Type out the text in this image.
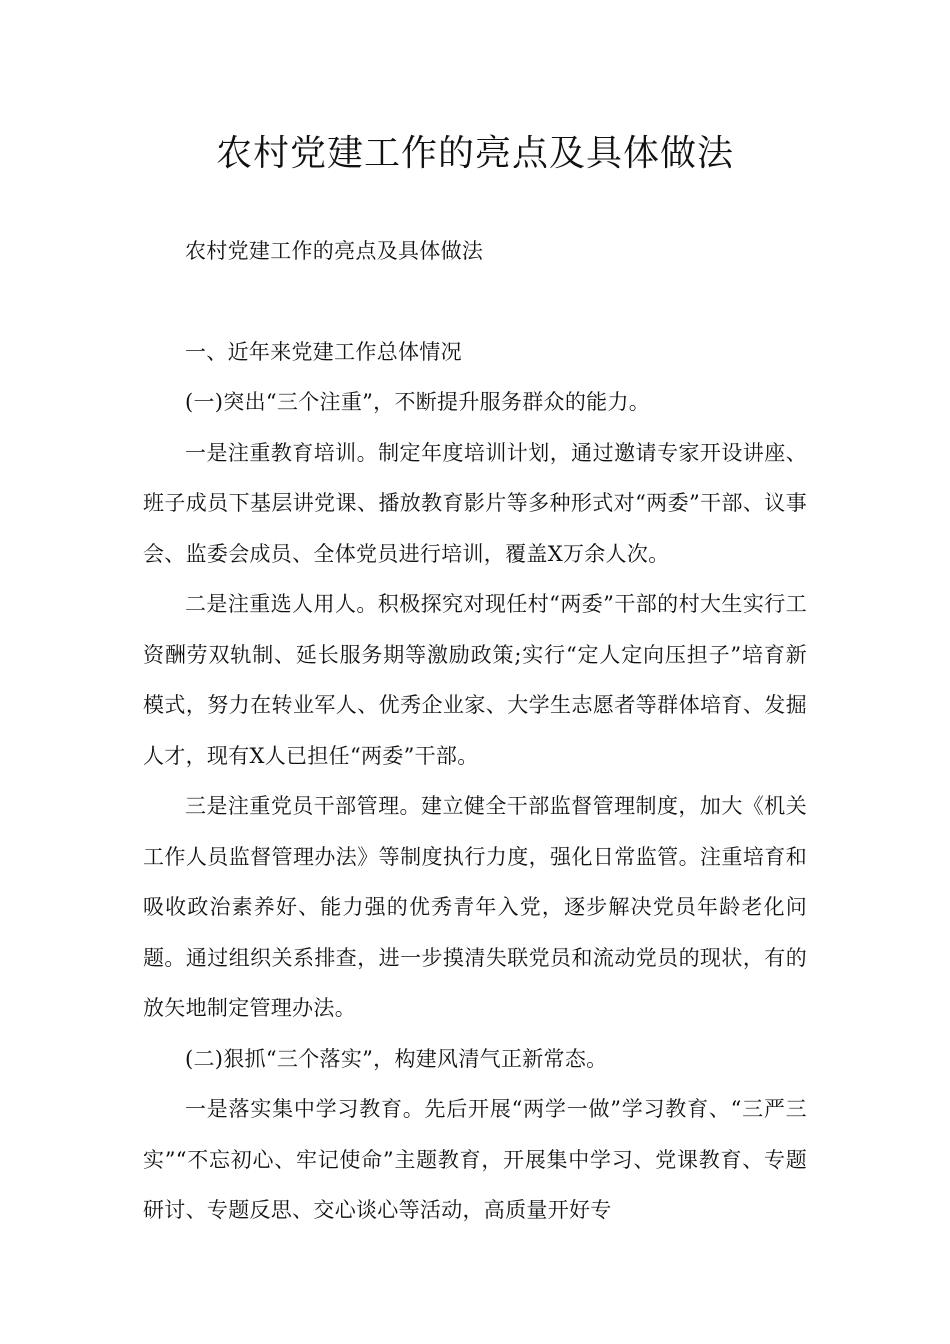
农村党建工作的亮点及具体做法

农村党建工作的亮点及具体做法

一、近年来党建工作总体情况

(一)突出“三个注重”，不断提升服务群众的能力。

一是注重教育培训。制定年度培训计划，通过邀请专家开设讲座、班子成员下基层讲党课、播放教育影片等多种形式对“两委”干部、议事会、监委会成员、全体党员进行培训，覆盖X万余人次。

二是注重选人用人。积极探究对现任村“两委”干部的村大生实行工资酬劳双轨制、延长服务期等激励政策;实行“定人定向压担子”培育新模式，努力在转业军人、优秀企业家、大学生志愿者等群体培育、发掘人才，现有X人已担任“两委”干部。

三是注重党员干部管理。建立健全干部监督管理制度，加大《机关工作人员监督管理办法》等制度执行力度，强化日常监管。注重培育和吸收政治素养好、能力强的优秀青年入党，逐步解决党员年龄老化问题。通过组织关系排查，进一步摸清失联党员和流动党员的现状，有的放矢地制定管理办法。

(二)狠抓“三个落实”，构建风清气正新常态。

一是落实集中学习教育。先后开展“两学一做”学习教育、“三严三实”“不忘初心、牢记使命”主题教育，开展集中学习、党课教育、专题研讨、专题反思、交心谈心等活动，高质量开好专
